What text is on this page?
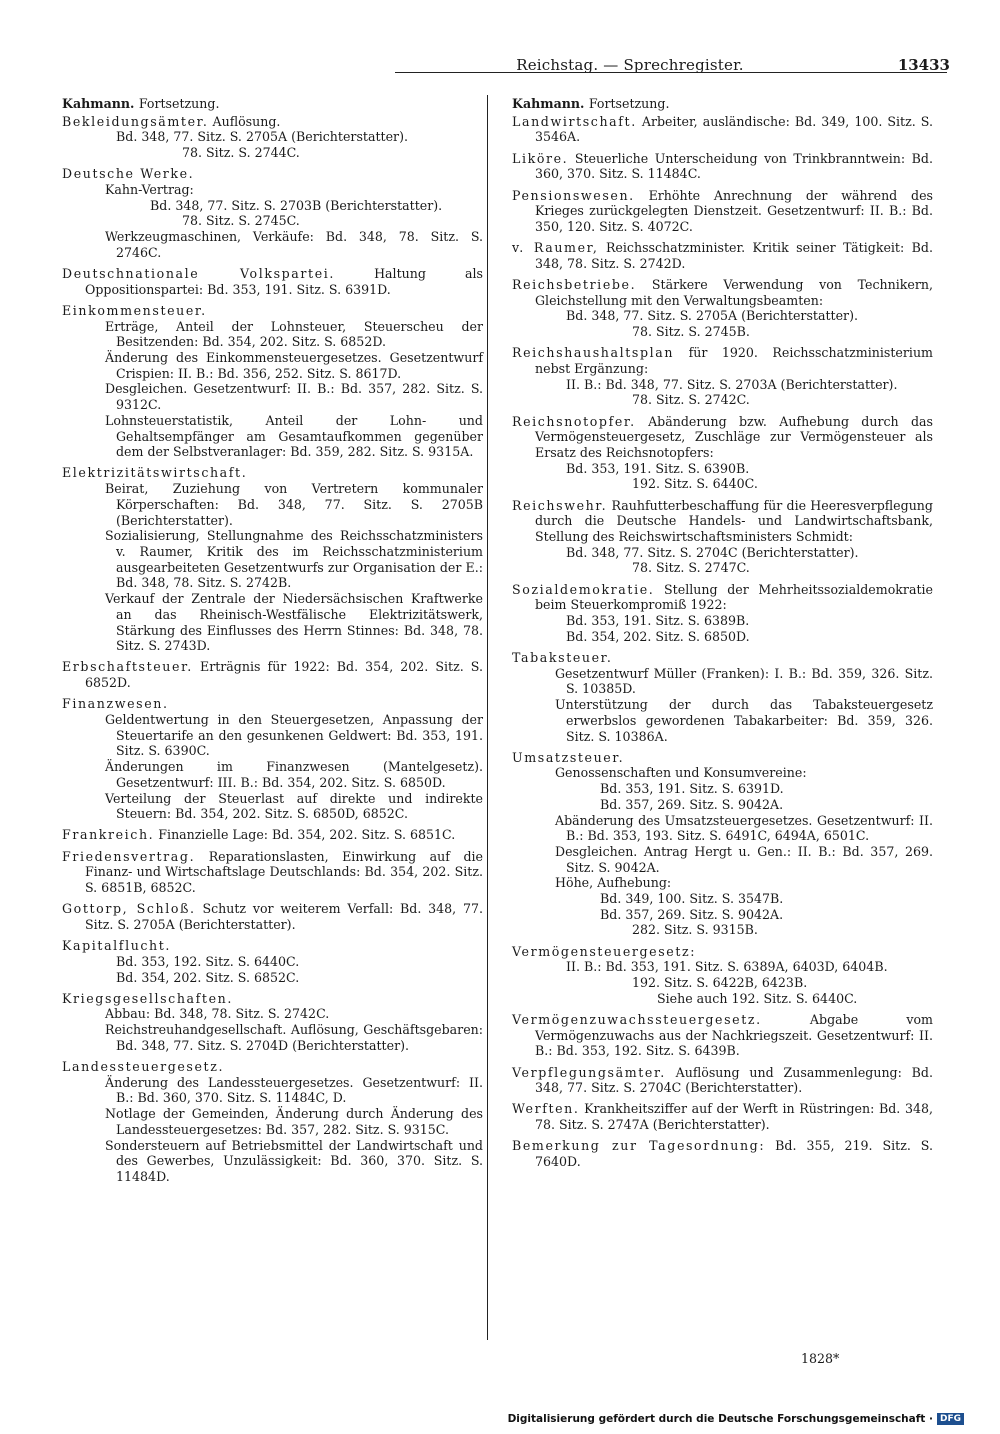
Reichstag. — Sprechregister.	13433
Kahmann. Fortsetzung.
Bekleidungsämter. Auflösung.
Bd. 348, 77. Sitz. S. 2705A (Berichterstatter).
78. Sitz. S. 2744C.
Deutsche Werke.
Kahn-Vertrag:
Bd. 348, 77. Sitz. S. 2703B (Berichterstatter).
78. Sitz. S. 2745C.
Werkzeugmaschinen, Verkäufe: Bd. 348, 78. Sitz. S. 2746C.
Deutschnationale Volkspartei.	Haltung als Oppositionspartei: Bd. 353, 191. Sitz. S. 6391D.
Einkommensteuer.
Erträge, Anteil der Lohnsteuer, Steuerscheu der Besitzenden: Bd. 354, 202. Sitz. S. 6852D.
Änderung des Einkommensteuergesetzes. Gesetzentwurf Crispien: II. B.: Bd. 356, 252. Sitz. S. 8617D.
Desgleichen. Gesetzentwurf: II. B.: Bd. 357, 282. Sitz. S. 9312C.
Lohnsteuerstatistik, Anteil der Lohn- und Gehaltsempfänger am Gesamtaufkommen gegenüber dem der Selbstveranlager: Bd. 359, 282. Sitz. S. 9315A.
Elektrizitätswirtschaft.
Beirat, Zuziehung von Vertretern kommunaler Körperschaften: Bd. 348, 77. Sitz. S. 2705B (Berichterstatter).
Sozialisierung, Stellungnahme des Reichsschatzministers v. Raumer, Kritik des im Reichsschatzministerium ausgearbeiteten Gesetzentwurfs zur Organisation der E.: Bd. 348, 78. Sitz. S. 2742B.
Verkauf der Zentrale der Niedersächsischen Kraftwerke an das Rheinisch-Westfälische Elektrizitätswerk, Stärkung des Einflusses des Herrn Stinnes: Bd. 348, 78. Sitz. S. 2743D.
Erbschaftsteuer. Erträgnis für 1922: Bd. 354, 202. Sitz. S. 6852D.
Finanzwesen.
Geldentwertung in den Steuergesetzen, Anpassung der Steuertarife an den gesunkenen Geldwert: Bd. 353, 191. Sitz. S. 6390C.
Änderungen im Finanzwesen (Mantelgesetz). Gesetzentwurf: III. B.: Bd. 354, 202. Sitz. S. 6850D.
Verteilung der Steuerlast auf direkte und indirekte Steuern: Bd. 354, 202. Sitz. S. 6850D, 6852C.
Frankreich. Finanzielle Lage: Bd. 354, 202. Sitz. S. 6851C.
Friedensvertrag. Reparationslasten, Einwirkung auf die Finanz- und Wirtschaftslage Deutschlands: Bd. 354, 202. Sitz. S. 6851B, 6852C.
Gottorp, Schloß. Schutz vor weiterem Verfall: Bd. 348, 77. Sitz. S. 2705A (Berichterstatter).
Kapitalflucht.
Bd. 353, 192. Sitz. S. 6440C.
Bd. 354, 202. Sitz. S. 6852C.
Kriegsgesellschaften.
Abbau: Bd. 348, 78. Sitz. S. 2742C.
Reichstreuhandgesellschaft. Auflösung, Geschäftsgebaren: Bd. 348, 77. Sitz. S. 2704D (Berichterstatter).
Landessteuergesetz.
Änderung des Landessteuergesetzes. Gesetzentwurf: II. B.: Bd. 360, 370. Sitz. S. 11484C, D.
Notlage der Gemeinden, Änderung durch Änderung des Landessteuergesetzes: Bd. 357, 282. Sitz. S. 9315C.
Sondersteuern auf Betriebsmittel der Landwirtschaft und des Gewerbes, Unzulässigkeit: Bd. 360, 370. Sitz. S. 11484D.
Kahmann. Fortsetzung.
Landwirtschaft. Arbeiter, ausländische: Bd. 349, 100. Sitz. S. 3546A.
Liköre. Steuerliche Unterscheidung von Trinkbranntwein: Bd. 360, 370. Sitz. S. 11484C.
Pensionswesen. Erhöhte Anrechnung der während des Krieges zurückgelegten Dienstzeit. Gesetzentwurf: II. B.: Bd. 350, 120. Sitz. S. 4072C.
v. Raumer, Reichsschatzminister. Kritik seiner Tätigkeit: Bd. 348, 78. Sitz. S. 2742D.
Reichsbetriebe. Stärkere Verwendung von Technikern, Gleichstellung mit den Verwaltungsbeamten:
Bd. 348, 77. Sitz. S. 2705A (Berichterstatter).
78. Sitz. S. 2745B.
Reichshaushaltsplan für 1920. Reichsschatzministerium nebst Ergänzung:
II. B.: Bd. 348, 77. Sitz. S. 2703A (Berichterstatter).
78. Sitz. S. 2742C.
Reichsnotopfer. Abänderung bzw. Aufhebung durch das Vermögensteuergesetz, Zuschläge zur Vermögensteuer als Ersatz des Reichsnotopfers:
Bd. 353, 191. Sitz. S. 6390B.
192. Sitz. S. 6440C.
Reichswehr. Rauhfutterbeschaffung für die Heeresverpflegung durch die Deutsche Handels- und Landwirtschaftsbank, Stellung des Reichswirtschaftsministers Schmidt:
Bd. 348, 77. Sitz. S. 2704C (Berichterstatter).
78. Sitz. S. 2747C.
Sozialdemokratie. Stellung der Mehrheitssozialdemokratie beim Steuerkompromiß 1922:
Bd. 353, 191. Sitz. S. 6389B.
Bd. 354, 202. Sitz. S. 6850D.
Tabaksteuer.
Gesetzentwurf Müller (Franken): I. B.: Bd. 359, 326. Sitz. S. 10385D.
Unterstützung der durch das Tabaksteuergesetz erwerbslos gewordenen Tabakarbeiter: Bd. 359, 326. Sitz. S. 10386A.
Umsatzsteuer.
Genossenschaften und Konsumvereine:
Bd. 353, 191. Sitz. S. 6391D.
Bd. 357, 269. Sitz. S. 9042A.
Abänderung des Umsatzsteuergesetzes. Gesetzentwurf: II. B.: Bd. 353, 193. Sitz. S. 6491C, 6494A, 6501C.
Desgleichen. Antrag Hergt u. Gen.: II. B.: Bd. 357, 269. Sitz. S. 9042A.
Höhe, Aufhebung:
Bd. 349, 100. Sitz. S. 3547B.
Bd. 357, 269. Sitz. S. 9042A.
282. Sitz. S. 9315B.
Vermögensteuergesetz:
II. B.: Bd. 353, 191. Sitz. S. 6389A, 6403D, 6404B.
192. Sitz. S. 6422B, 6423B.
Siehe auch 192. Sitz. S. 6440C.
Vermögenzuwachssteuergesetz.	Abgabe vom Vermögenzuwachs aus der Nachkriegszeit. Gesetzentwurf: II. B.: Bd. 353, 192. Sitz. S. 6439B.
Verpflegungsämter. Auflösung und Zusammenlegung: Bd. 348, 77. Sitz. S. 2704C (Berichterstatter).
Werften. Krankheitsziffer auf der Werft in Rüstringen: Bd. 348, 78. Sitz. S. 2747A (Berichterstatter).
Bemerkung zur Tagesordnung: Bd. 355, 219. Sitz. S. 7640D.
1828*
Digitalisierung gefördert durch die Deutsche Forschungsgemeinschaft · DFG
